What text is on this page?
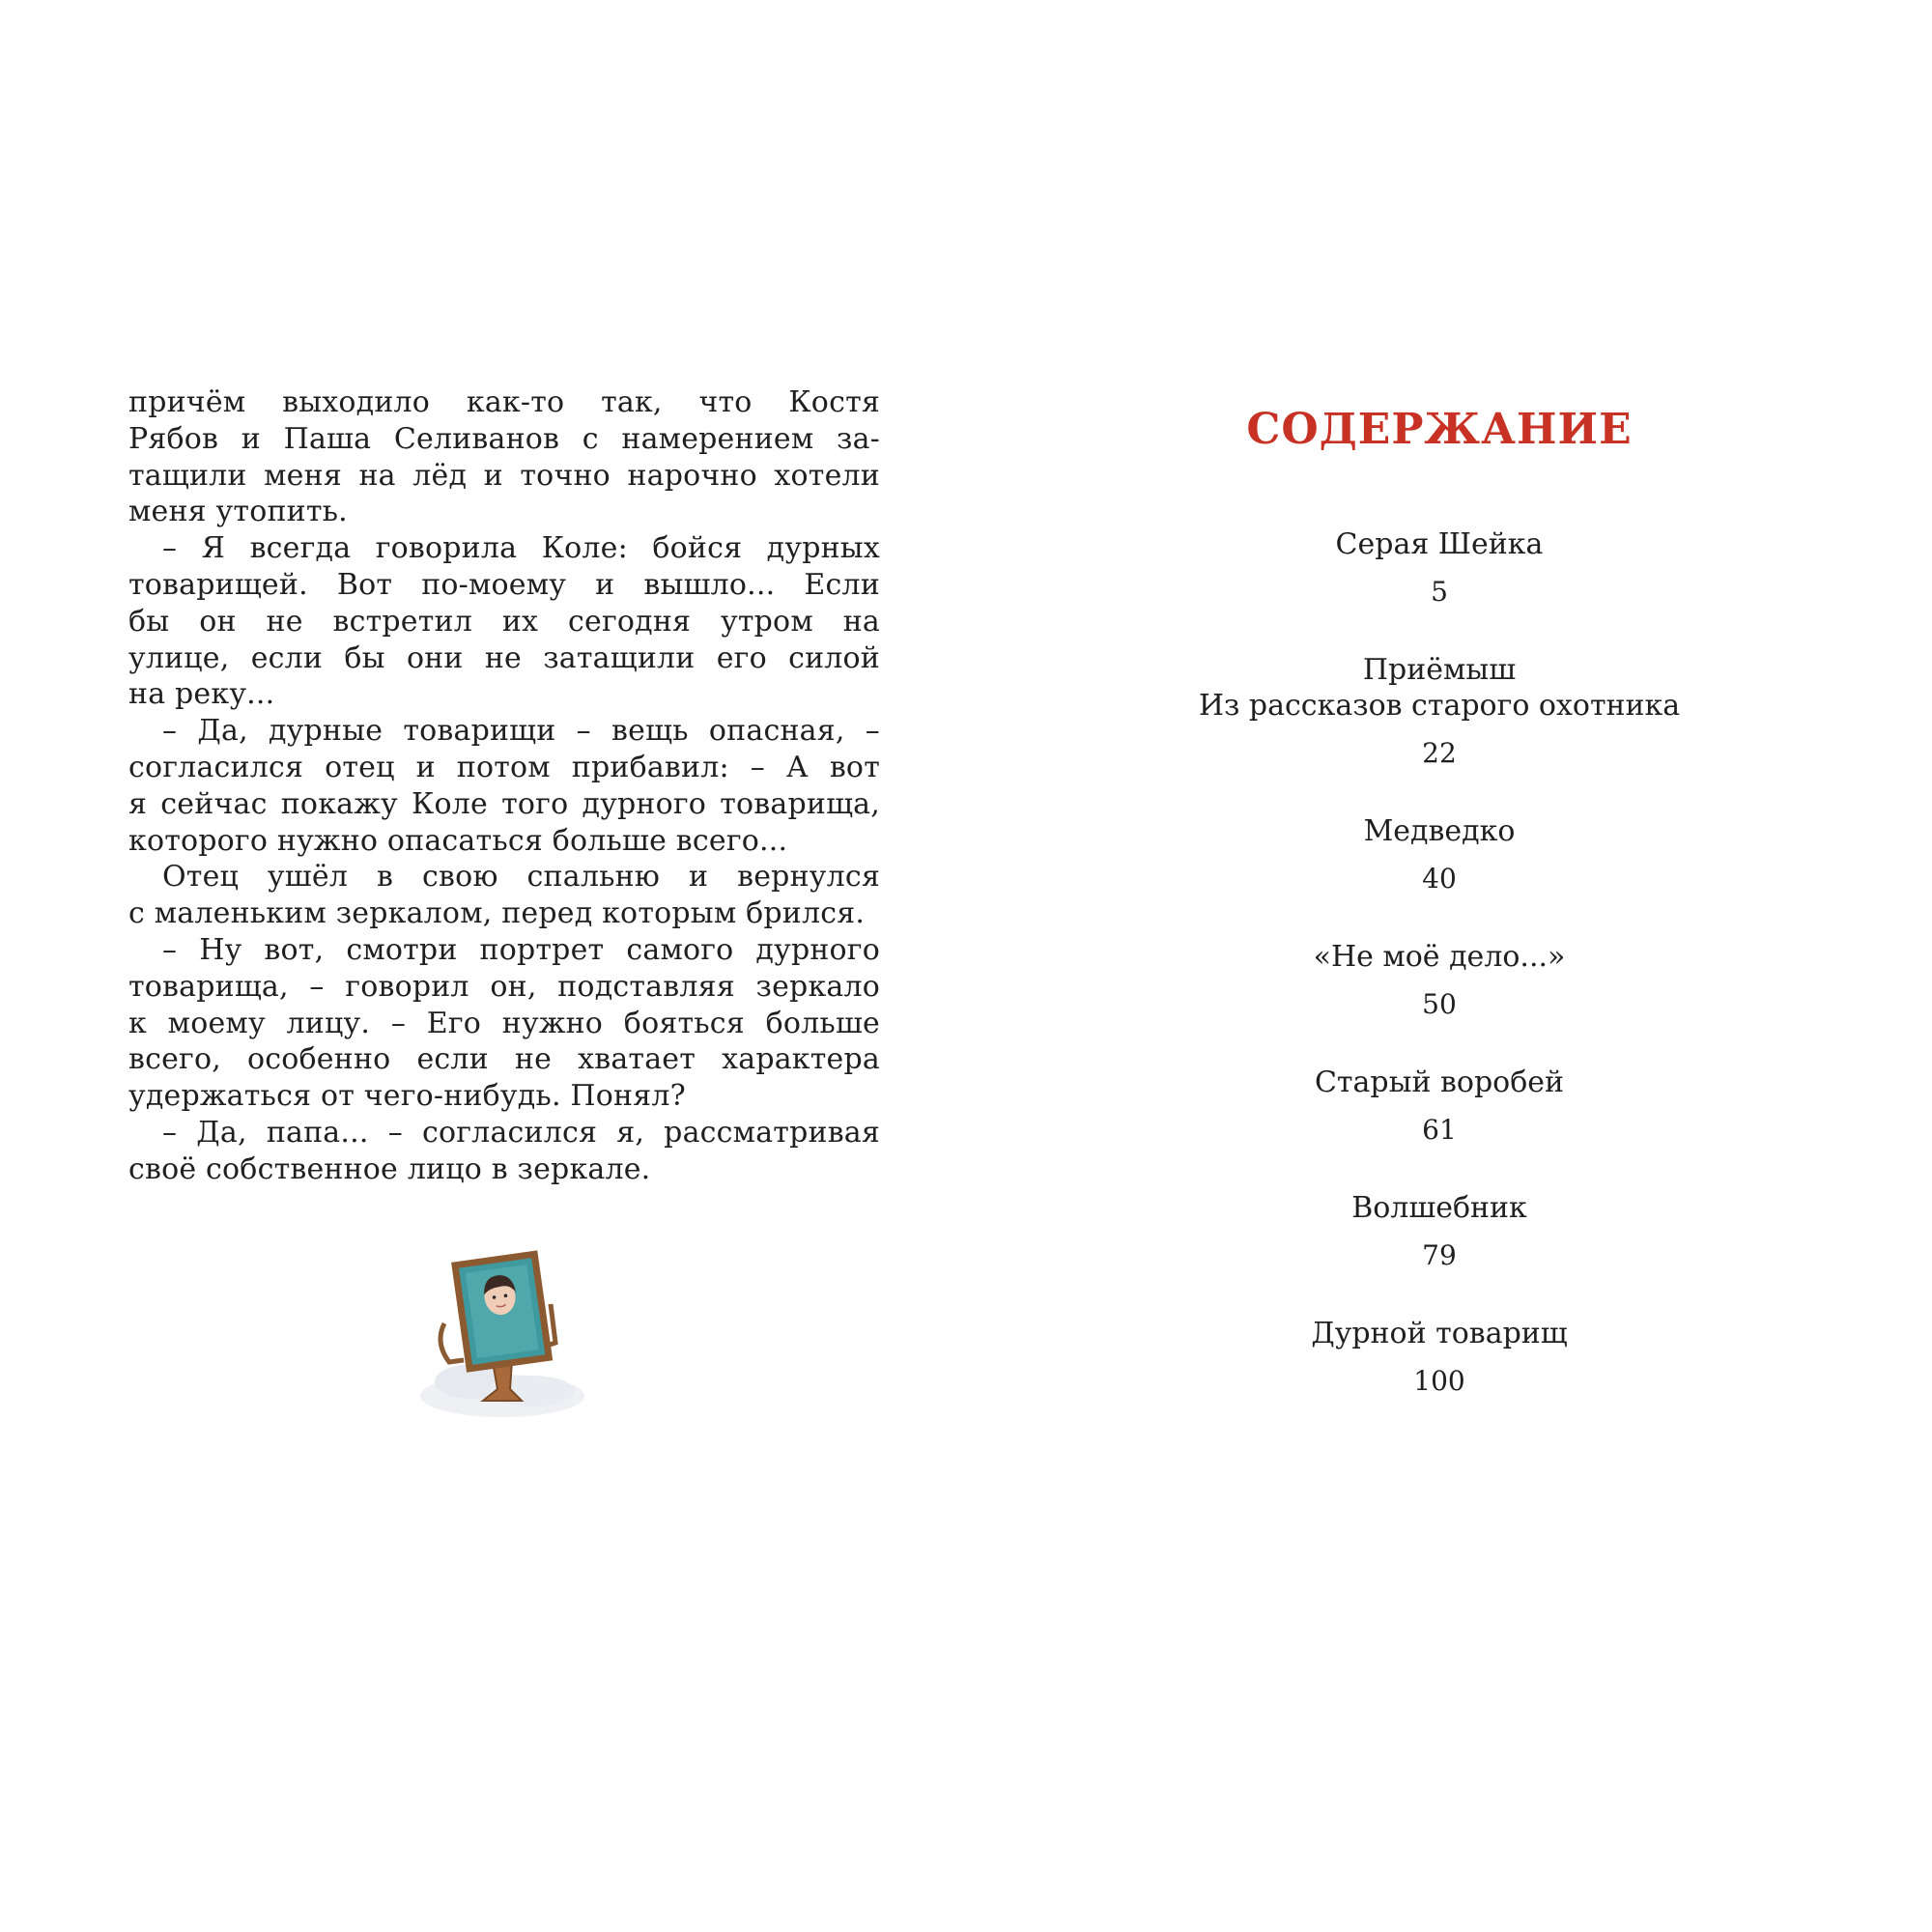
причём выходило как-то так, что Костя
Рябов и Паша Селиванов с намерением за-
тащили меня на лёд и точно нарочно хотели
меня утопить.
– Я всегда говорила Коле: бойся дурных
товарищей. Вот по-моему и вышло... Если
бы он не встретил их сегодня утром на
улице, если бы они не затащили его силой
на реку...
– Да, дурные товарищи – вещь опасная, –
согласился отец и потом прибавил: – А вот
я сейчас покажу Коле того дурного товарища,
которого нужно опасаться больше всего...
Отец ушёл в свою спальню и вернулся
с маленьким зеркалом, перед которым брился.
– Ну вот, смотри портрет самого дурного
товарища, – говорил он, подставляя зеркало
к моему лицу. – Его нужно бояться больше
всего, особенно если не хватает характера
удержаться от чего-нибудь. Понял?
– Да, папа... – согласился я, рассматривая
своё собственное лицо в зеркале.
СОДЕРЖАНИЕ
Серая Шейка
5
Приёмыш
Из рассказов старого охотника
22
Медведко
40
«Не моё дело...»
50
Старый воробей
61
Волшебник
79
Дурной товарищ
100
